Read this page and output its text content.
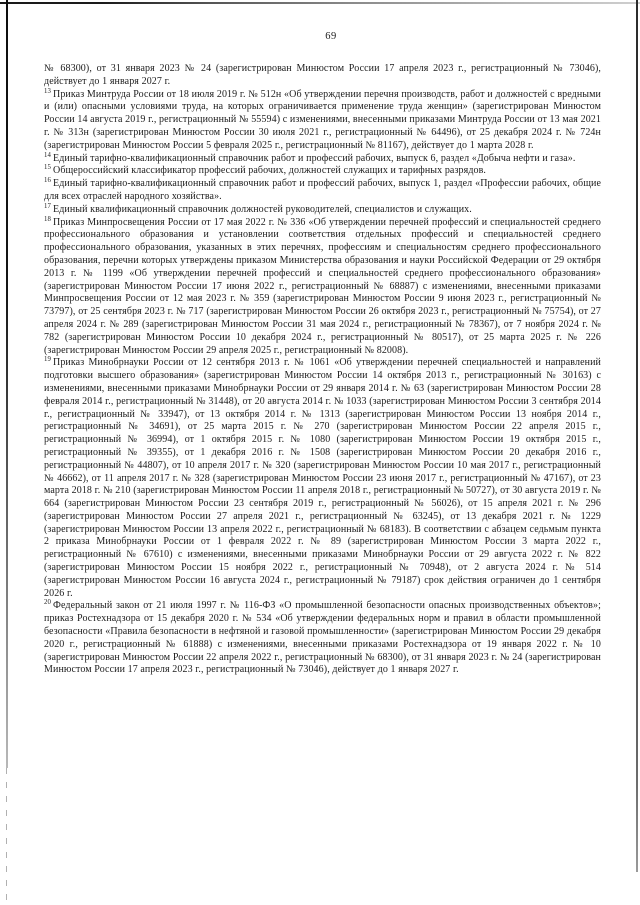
69

№ 68300), от 31 января 2023 № 24 (зарегистрирован Минюстом России 17 апреля 2023 г., регистрационный № 73046), действует до 1 января 2027 г.

$^{13}$ Приказ Минтруда России от 18 июля 2019 г. № 512н «Об утверждении перечня производств, работ и должностей с вредными и (или) опасными условиями труда, на которых ограничивается применение труда женщин» (зарегистрирован Минюстом России 14 августа 2019 г., регистрационный № 55594) с изменениями, внесенными приказами Минтруда России от 13 мая 2021 г. № 313н (зарегистрирован Минюстом России 30 июля 2021 г., регистрационный № 64496), от 25 декабря 2024 г. № 724н (зарегистрирован Минюстом России 5 февраля 2025 г., регистрационный № 81167), действует до 1 марта 2028 г.

$^{14}$ Единый тарифно-квалификационный справочник работ и профессий рабочих, выпуск 6, раздел «Добыча нефти и газа».

$^{15}$ Общероссийский классификатор профессий рабочих, должностей служащих и тарифных разрядов.

$^{16}$ Единый тарифно-квалификационный справочник работ и профессий рабочих, выпуск 1, раздел «Профессии рабочих, общие для всех отраслей народного хозяйства».

$^{17}$ Единый квалификационный справочник должностей руководителей, специалистов и служащих.

$^{18}$ Приказ Минпросвещения России от 17 мая 2022 г. № 336 «Об утверждении перечней профессий и специальностей среднего профессионального образования и установлении соответствия отдельных профессий и специальностей среднего профессионального образования, указанных в этих перечнях, профессиям и специальностям среднего профессионального образования, перечни которых утверждены приказом Министерства образования и науки Российской Федерации от 29 октября 2013 г. № 1199 «Об утверждении перечней профессий и специальностей среднего профессионального образования» (зарегистрирован Минюстом России 17 июня 2022 г., регистрационный № 68887) с изменениями, внесенными приказами Минпросвещения России от 12 мая 2023 г. № 359 (зарегистрирован Минюстом России 9 июня 2023 г., регистрационный № 73797), от 25 сентября 2023 г. № 717 (зарегистрирован Минюстом России 26 октября 2023 г., регистрационный № 75754), от 27 апреля 2024 г. № 289 (зарегистрирован Минюстом России 31 мая 2024 г., регистрационный № 78367), от 7 ноября 2024 г. № 782 (зарегистрирован Минюстом России 10 декабря 2024 г., регистрационный № 80517), от 25 марта 2025 г. № 226 (зарегистрирован Минюстом России 29 апреля 2025 г., регистрационный № 82008).

$^{19}$ Приказ Минобрнауки России от 12 сентября 2013 г. № 1061 «Об утверждении перечней специальностей и направлений подготовки высшего образования» (зарегистрирован Минюстом России 14 октября 2013 г., регистрационный № 30163) с изменениями, внесенными приказами Минобрнауки России от 29 января 2014 г. № 63 (зарегистрирован Минюстом России 28 февраля 2014 г., регистрационный № 31448), от 20 августа 2014 г. № 1033 (зарегистрирован Минюстом России 3 сентября 2014 г., регистрационный № 33947), от 13 октября 2014 г. № 1313 (зарегистрирован Минюстом России 13 ноября 2014 г., регистрационный № 34691), от 25 марта 2015 г. № 270 (зарегистрирован Минюстом России 22 апреля 2015 г., регистрационный № 36994), от 1 октября 2015 г. № 1080 (зарегистрирован Минюстом России 19 октября 2015 г., регистрационный № 39355), от 1 декабря 2016 г. № 1508 (зарегистрирован Минюстом России 20 декабря 2016 г., регистрационный № 44807), от 10 апреля 2017 г. № 320 (зарегистрирован Минюстом России 10 мая 2017 г., регистрационный № 46662), от 11 апреля 2017 г. № 328 (зарегистрирован Минюстом России 23 июня 2017 г., регистрационный № 47167), от 23 марта 2018 г. № 210 (зарегистрирован Минюстом России 11 апреля 2018 г., регистрационный № 50727), от 30 августа 2019 г. № 664 (зарегистрирован Минюстом России 23 сентября 2019 г., регистрационный № 56026), от 15 апреля 2021 г. № 296 (зарегистрирован Минюстом России 27 апреля 2021 г., регистрационный № 63245), от 13 декабря 2021 г. № 1229 (зарегистрирован Минюстом России 13 апреля 2022 г., регистрационный № 68183). В соответствии с абзацем седьмым пункта 2 приказа Минобрнауки России от 1 февраля 2022 г. № 89 (зарегистрирован Минюстом России 3 марта 2022 г., регистрационный № 67610) с изменениями, внесенными приказами Минобрнауки России от 29 августа 2022 г. № 822 (зарегистрирован Минюстом России 15 ноября 2022 г., регистрационный № 70948), от 2 августа 2024 г. № 514 (зарегистрирован Минюстом России 16 августа 2024 г., регистрационный № 79187) срок действия ограничен до 1 сентября 2026 г.

$^{20}$ Федеральный закон от 21 июля 1997 г. № 116-ФЗ «О промышленной безопасности опасных производственных объектов»; приказ Ростехнадзора от 15 декабря 2020 г. № 534 «Об утверждении федеральных норм и правил в области промышленной безопасности «Правила безопасности в нефтяной и газовой промышленности» (зарегистрирован Минюстом России 29 декабря 2020 г., регистрационный № 61888) с изменениями, внесенными приказами Ростехнадзора от 19 января 2022 г. № 10 (зарегистрирован Минюстом России 22 апреля 2022 г., регистрационный № 68300), от 31 января 2023 г. № 24 (зарегистрирован Минюстом России 17 апреля 2023 г., регистрационный № 73046), действует до 1 января 2027 г.
